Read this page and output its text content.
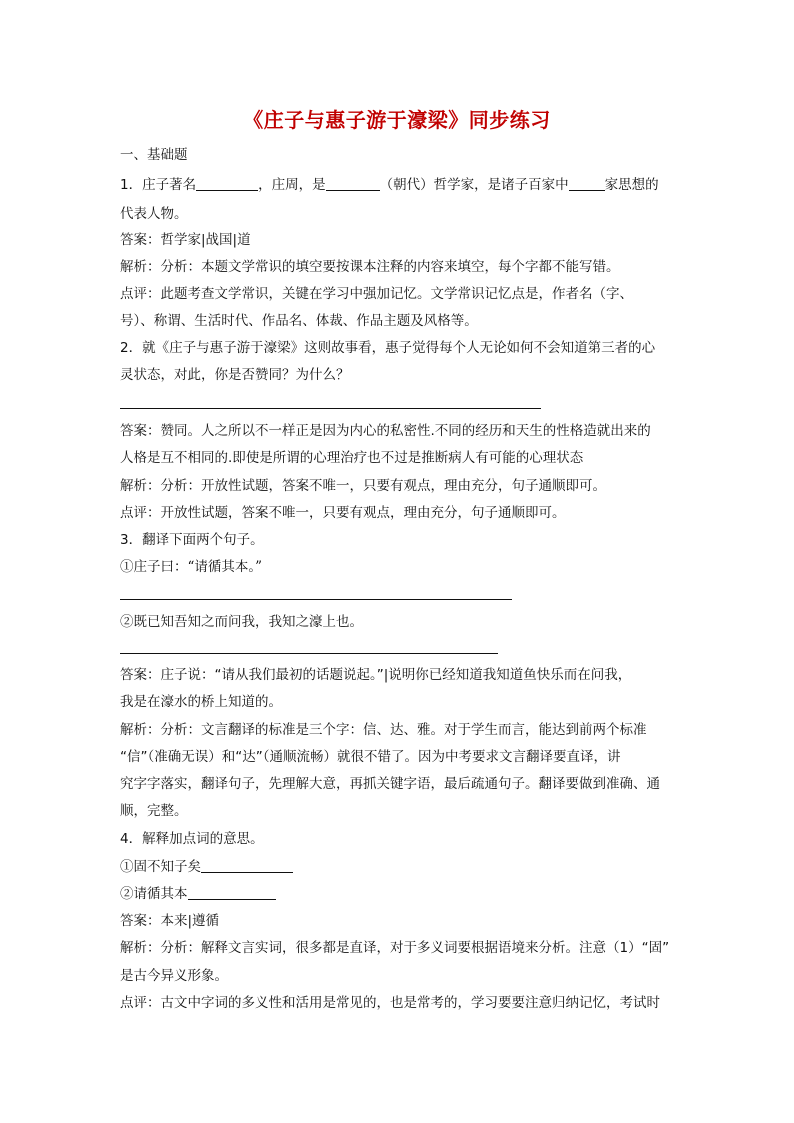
《庄子与惠子游于濠梁》同步练习
一、基础题
1．庄子著名	，庄周，是	（朝代）哲学家，是诸子百家中	家思想的
代表人物。
答案：哲学家|战国|道
解析：分析：本题文学常识的填空要按课本注释的内容来填空，每个字都不能写错。
点评：此题考查文学常识，关键在学习中强加记忆。文学常识记忆点是，作者名（字、
号）、称谓、生活时代、作品名、体裁、作品主题及风格等。
2．就《庄子与惠子游于濠梁》这则故事看，惠子觉得每个人无论如何不会知道第三者的心
灵状态，对此，你是否赞同？为什么？
答案：赞同。人之所以不一样正是因为内心的私密性.不同的经历和天生的性格造就出来的
人格是互不相同的.即使是所谓的心理治疗也不过是推断病人有可能的心理状态
解析：分析：开放性试题，答案不唯一，只要有观点，理由充分，句子通顺即可。
点评：开放性试题，答案不唯一，只要有观点，理由充分，句子通顺即可。
3．翻译下面两个句子。
①庄子曰：“请循其本。”
②既已知吾知之而问我，我知之濠上也。
答案：庄子说：“请从我们最初的话题说起。”|说明你已经知道我知道鱼快乐而在问我，
我是在濠水的桥上知道的。
解析：分析：文言翻译的标准是三个字：信、达、雅。对于学生而言，能达到前两个标准
“信”（准确无误）和“达”（通顺流畅）就很不错了。因为中考要求文言翻译要直译，讲
究字字落实，翻译句子，先理解大意，再抓关键字语，最后疏通句子。翻译要做到准确、通
顺，完整。
4．解释加点词的意思。
①固不知子矣
②请循其本
答案：本来|遵循
解析：分析：解释文言实词，很多都是直译，对于多义词要根据语境来分析。注意（1）“固”
是古今异义形象。
点评：古文中字词的多义性和活用是常见的，也是常考的，学习要要注意归纳记忆，考试时
